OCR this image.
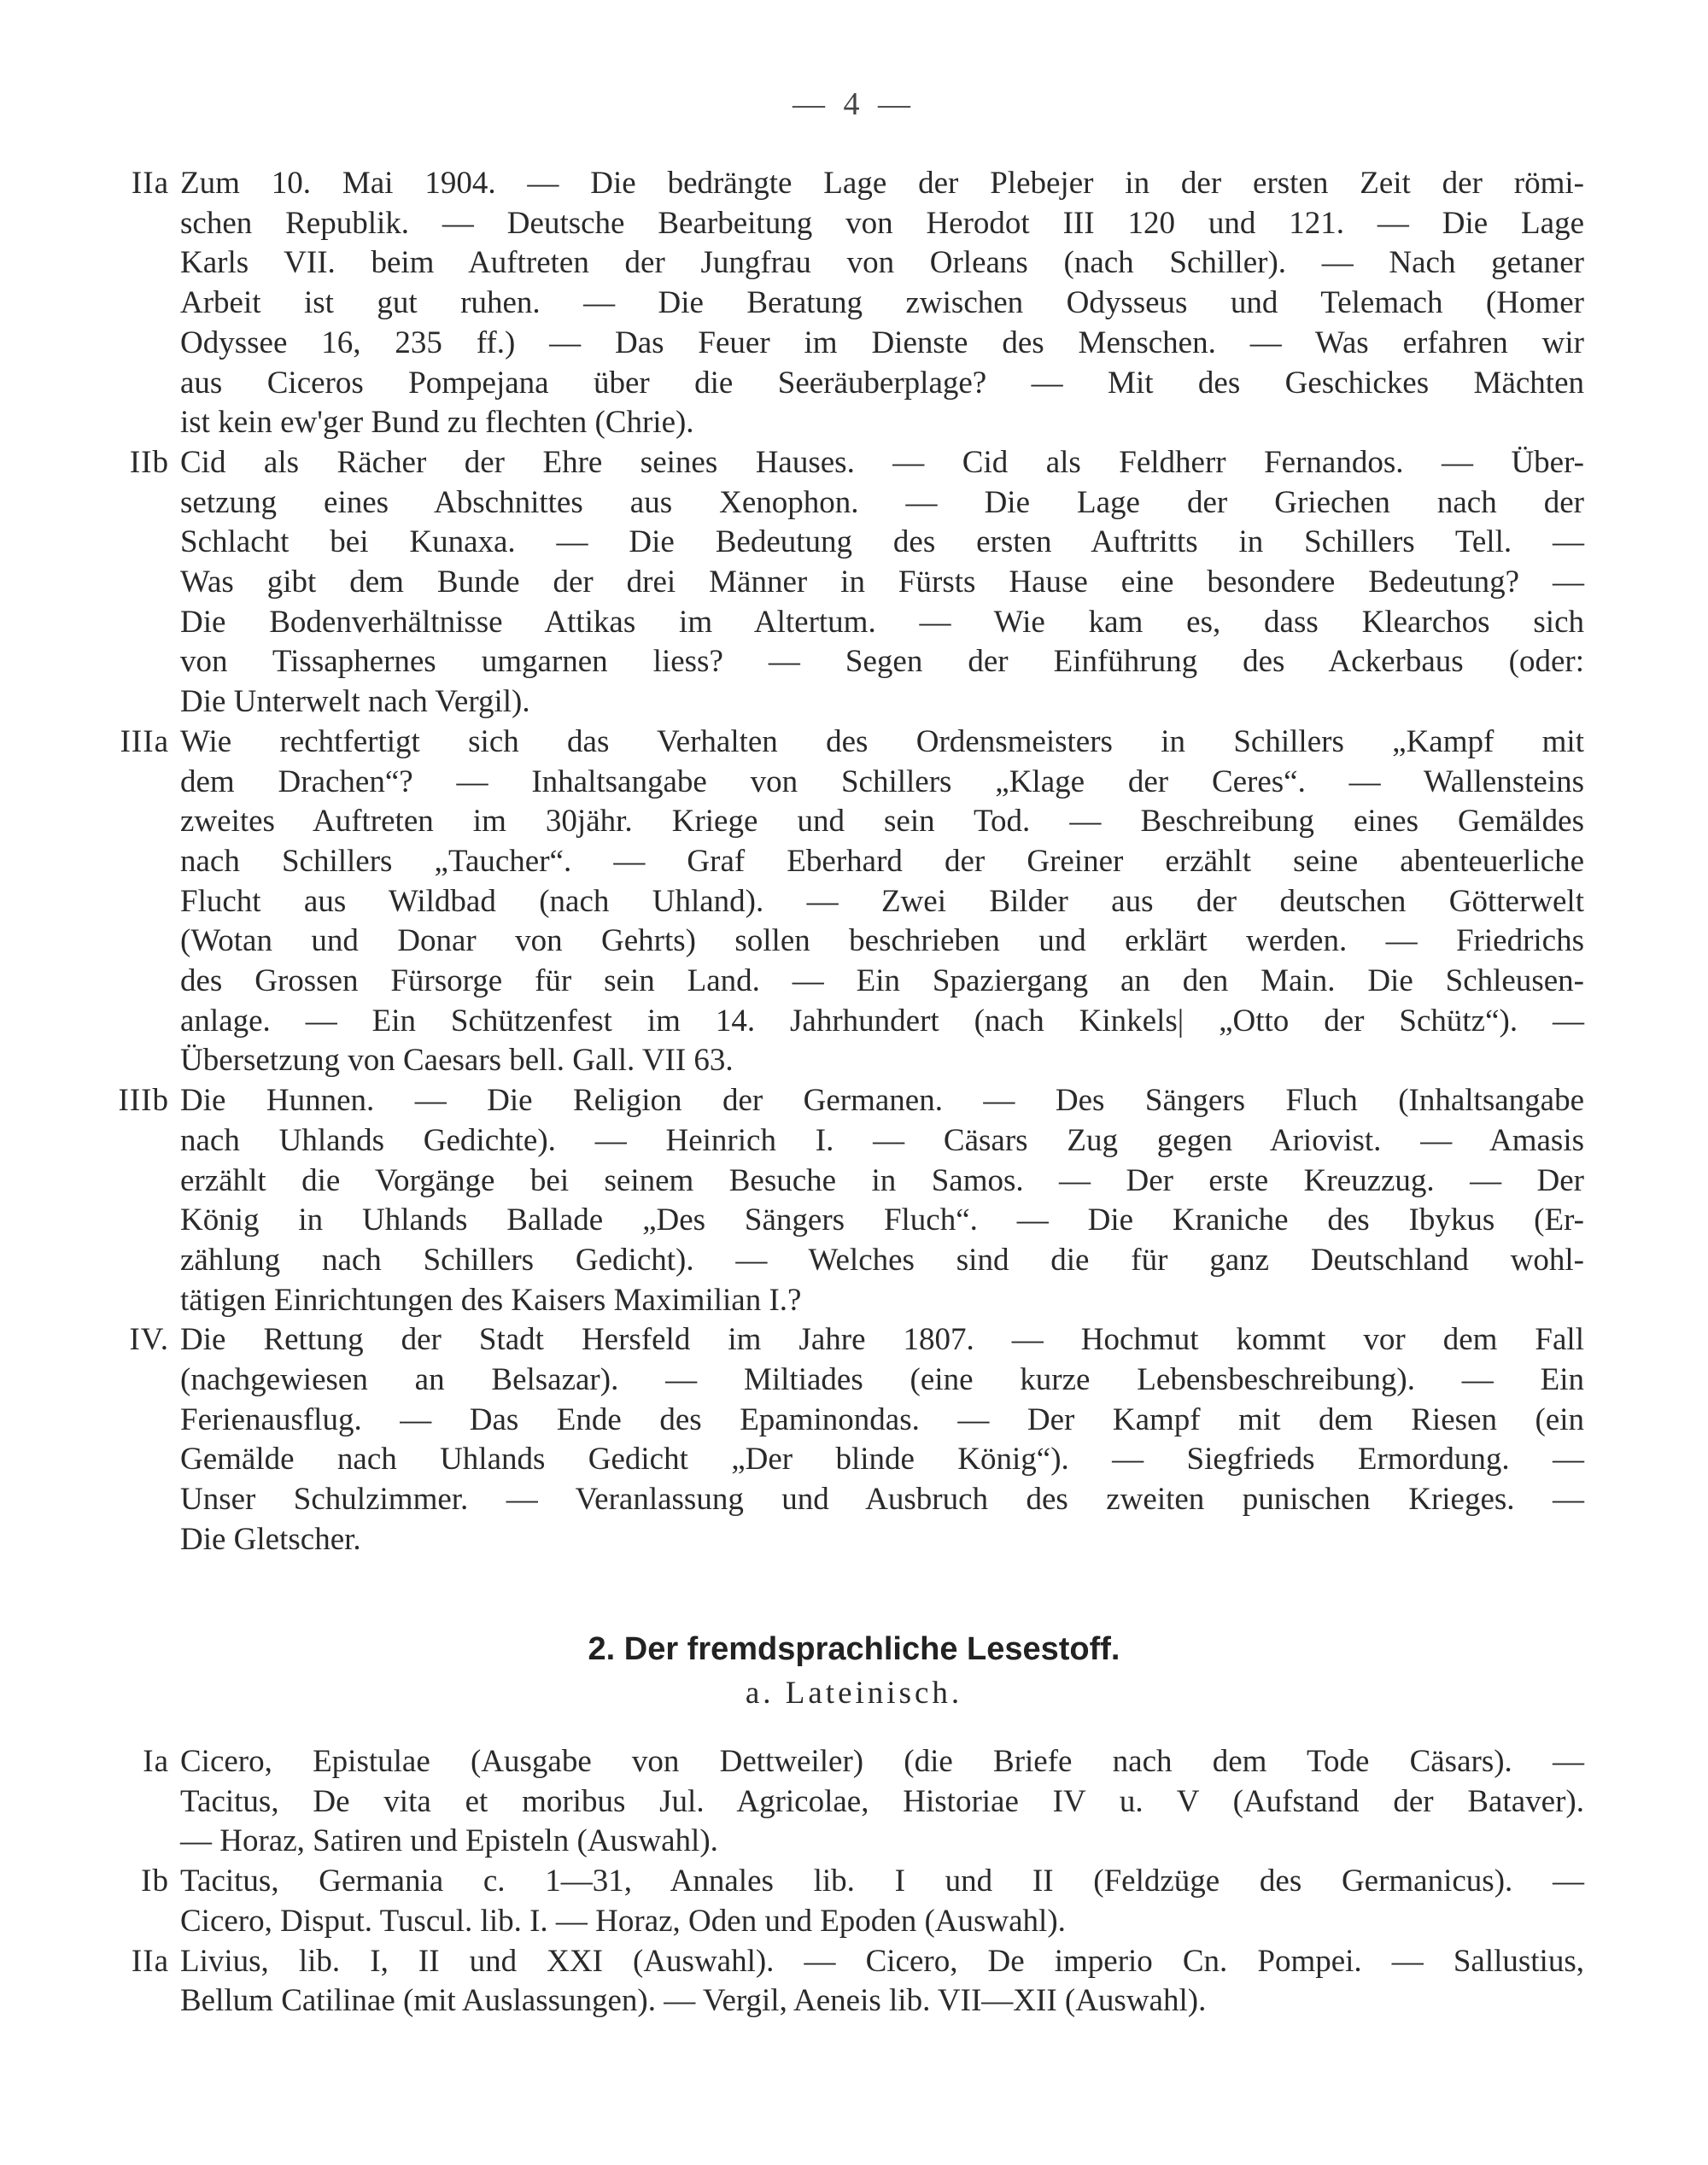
— 4 —
IIa Zum 10. Mai 1904. — Die bedrängte Lage der Plebejer in der ersten Zeit der römi-
schen Republik. — Deutsche Bearbeitung von Herodot III 120 und 121. — Die Lage
Karls VII. beim Auftreten der Jungfrau von Orleans (nach Schiller). — Nach getaner
Arbeit ist gut ruhen. — Die Beratung zwischen Odysseus und Telemach (Homer
Odyssee 16, 235 ff.) — Das Feuer im Dienste des Menschen. — Was erfahren wir
aus Ciceros Pompejana über die Seeräuberplage? — Mit des Geschickes Mächten
ist kein ew'ger Bund zu flechten (Chrie).
IIb Cid als Rächer der Ehre seines Hauses. — Cid als Feldherr Fernandos. — Über-
setzung eines Abschnittes aus Xenophon. — Die Lage der Griechen nach der
Schlacht bei Kunaxa. — Die Bedeutung des ersten Auftritts in Schillers Tell. —
Was gibt dem Bunde der drei Männer in Fürsts Hause eine besondere Bedeutung? —
Die Bodenverhältnisse Attikas im Altertum. — Wie kam es, dass Klearchos sich
von Tissaphernes umgarnen liess? — Segen der Einführung des Ackerbaus (oder:
Die Unterwelt nach Vergil).
IIIa Wie rechtfertigt sich das Verhalten des Ordensmeisters in Schillers „Kampf mit
dem Drachen“? — Inhaltsangabe von Schillers „Klage der Ceres“. — Wallensteins
zweites Auftreten im 30jähr. Kriege und sein Tod. — Beschreibung eines Gemäldes
nach Schillers „Taucher“. — Graf Eberhard der Greiner erzählt seine abenteuerliche
Flucht aus Wildbad (nach Uhland). — Zwei Bilder aus der deutschen Götterwelt
(Wotan und Donar von Gehrts) sollen beschrieben und erklärt werden. — Friedrichs
des Grossen Fürsorge für sein Land. — Ein Spaziergang an den Main. Die Schleusen-
anlage. — Ein Schützenfest im 14. Jahrhundert (nach Kinkels| „Otto der Schütz“). —
Übersetzung von Caesars bell. Gall. VII 63.
IIIb Die Hunnen. — Die Religion der Germanen. — Des Sängers Fluch (Inhaltsangabe
nach Uhlands Gedichte). — Heinrich I. — Cäsars Zug gegen Ariovist. — Amasis
erzählt die Vorgänge bei seinem Besuche in Samos. — Der erste Kreuzzug. — Der
König in Uhlands Ballade „Des Sängers Fluch“. — Die Kraniche des Ibykus (Er-
zählung nach Schillers Gedicht). — Welches sind die für ganz Deutschland wohl-
tätigen Einrichtungen des Kaisers Maximilian I.?
IV. Die Rettung der Stadt Hersfeld im Jahre 1807. — Hochmut kommt vor dem Fall
(nachgewiesen an Belsazar). — Miltiades (eine kurze Lebensbeschreibung). — Ein
Ferienausflug. — Das Ende des Epaminondas. — Der Kampf mit dem Riesen (ein
Gemälde nach Uhlands Gedicht „Der blinde König“). — Siegfrieds Ermordung. —
Unser Schulzimmer. — Veranlassung und Ausbruch des zweiten punischen Krieges. —
Die Gletscher.
2. Der fremdsprachliche Lesestoff.
a. Lateinisch.
Ia Cicero, Epistulae (Ausgabe von Dettweiler) (die Briefe nach dem Tode Cäsars). —
Tacitus, De vita et moribus Jul. Agricolae, Historiae IV u. V (Aufstand der Bataver).
— Horaz, Satiren und Episteln (Auswahl).
Ib Tacitus, Germania c. 1—31, Annales lib. I und II (Feldzüge des Germanicus). —
Cicero, Disput. Tuscul. lib. I. — Horaz, Oden und Epoden (Auswahl).
IIa Livius, lib. I, II und XXI (Auswahl). — Cicero, De imperio Cn. Pompei. — Sallustius,
Bellum Catilinae (mit Auslassungen). — Vergil, Aeneis lib. VII—XII (Auswahl).
